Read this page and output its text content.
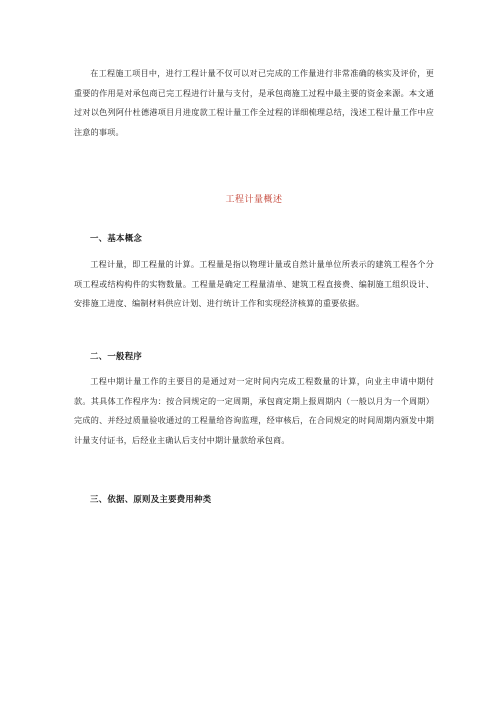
在工程施工项目中，进行工程计量不仅可以对已完成的工作量进行非常准确的核实及评价，更重要的作用是对承包商已完工程进行计量与支付，是承包商施工过程中最主要的资金来源。本文通过对以色列阿什杜德港项目月进度款工程计量工作全过程的详细梳理总结，浅述工程计量工作中应注意的事项。

工程计量概述
一、基本概念

工程计量，即工程量的计算。工程量是指以物理计量或自然计量单位所表示的建筑工程各个分项工程或结构构件的实物数量。工程量是确定工程量清单、建筑工程直接费、编制施工组织设计、安排施工进度、编制材料供应计划、进行统计工作和实现经济核算的重要依据。

二、一般程序

工程中期计量工作的主要目的是通过对一定时间内完成工程数量的计算，向业主申请中期付款。其具体工作程序为：按合同规定的一定周期，承包商定期上报周期内（一般以月为一个周期）完成的、并经过质量验收通过的工程量给咨询监理，经审核后，在合同规定的时间周期内颁发中期计量支付证书，后经业主确认后支付中期计量款给承包商。

三、依据、原则及主要费用种类
